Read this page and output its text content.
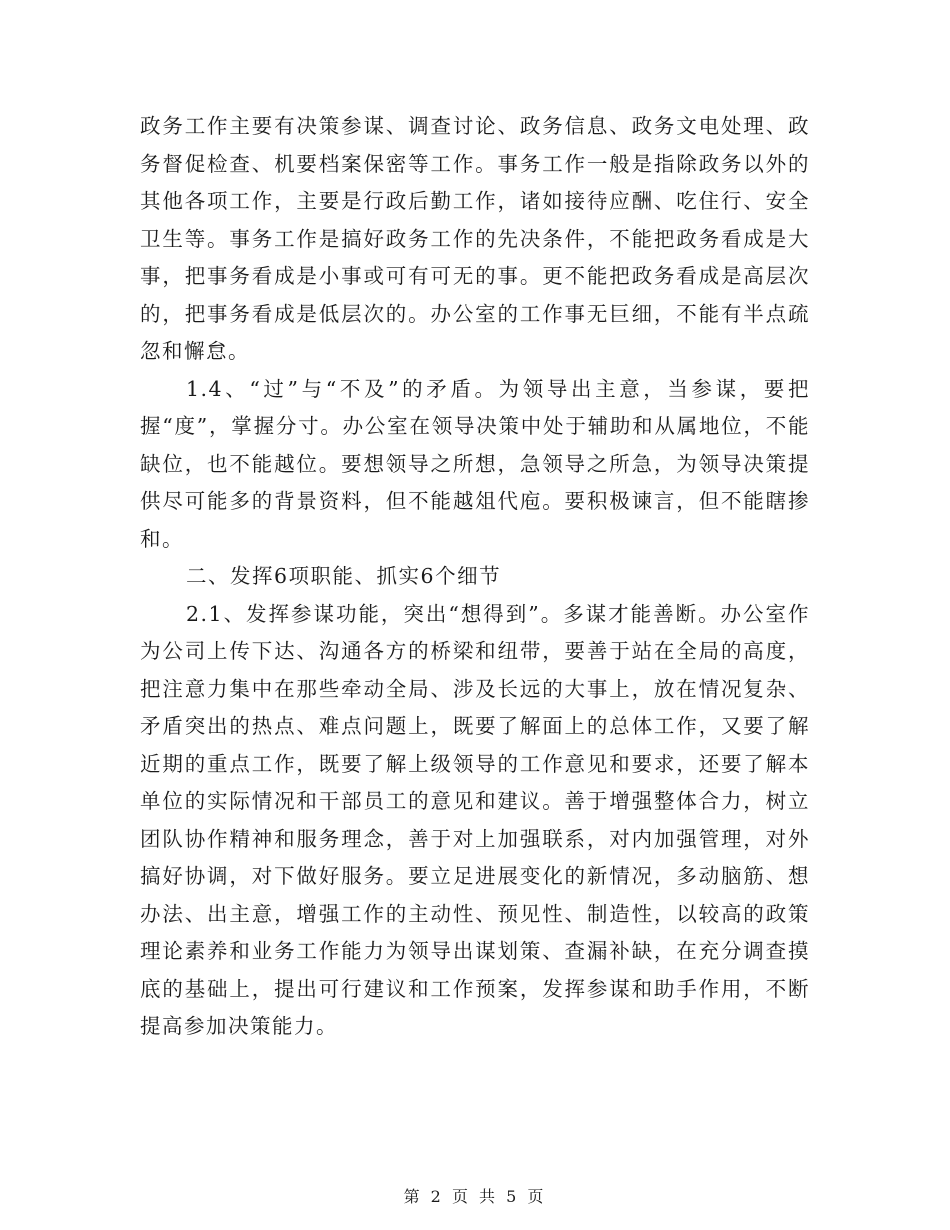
政务工作主要有决策参谋、调查讨论、政务信息、政务文电处理、政务督促检查、机要档案保密等工作。事务工作一般是指除政务以外的其他各项工作，主要是行政后勤工作，诸如接待应酬、吃住行、安全卫生等。事务工作是搞好政务工作的先决条件，不能把政务看成是大事，把事务看成是小事或可有可无的事。更不能把政务看成是高层次的，把事务看成是低层次的。办公室的工作事无巨细，不能有半点疏忽和懈怠。

1.4、“过”与“不及”的矛盾。为领导出主意，当参谋，要把握“度”，掌握分寸。办公室在领导决策中处于辅助和从属地位，不能缺位，也不能越位。要想领导之所想，急领导之所急，为领导决策提供尽可能多的背景资料，但不能越俎代庖。要积极谏言，但不能瞎掺和。

二、发挥6项职能、抓实6个细节

2.1、发挥参谋功能，突出“想得到”。多谋才能善断。办公室作为公司上传下达、沟通各方的桥梁和纽带，要善于站在全局的高度，把注意力集中在那些牵动全局、涉及长远的大事上，放在情况复杂、矛盾突出的热点、难点问题上，既要了解面上的总体工作，又要了解近期的重点工作，既要了解上级领导的工作意见和要求，还要了解本单位的实际情况和干部员工的意见和建议。善于增强整体合力，树立团队协作精神和服务理念，善于对上加强联系，对内加强管理，对外搞好协调，对下做好服务。要立足进展变化的新情况，多动脑筋、想办法、出主意，增强工作的主动性、预见性、制造性，以较高的政策理论素养和业务工作能力为领导出谋划策、查漏补缺，在充分调查摸底的基础上，提出可行建议和工作预案，发挥参谋和助手作用，不断提高参加决策能力。

第 2 页 共 5 页
